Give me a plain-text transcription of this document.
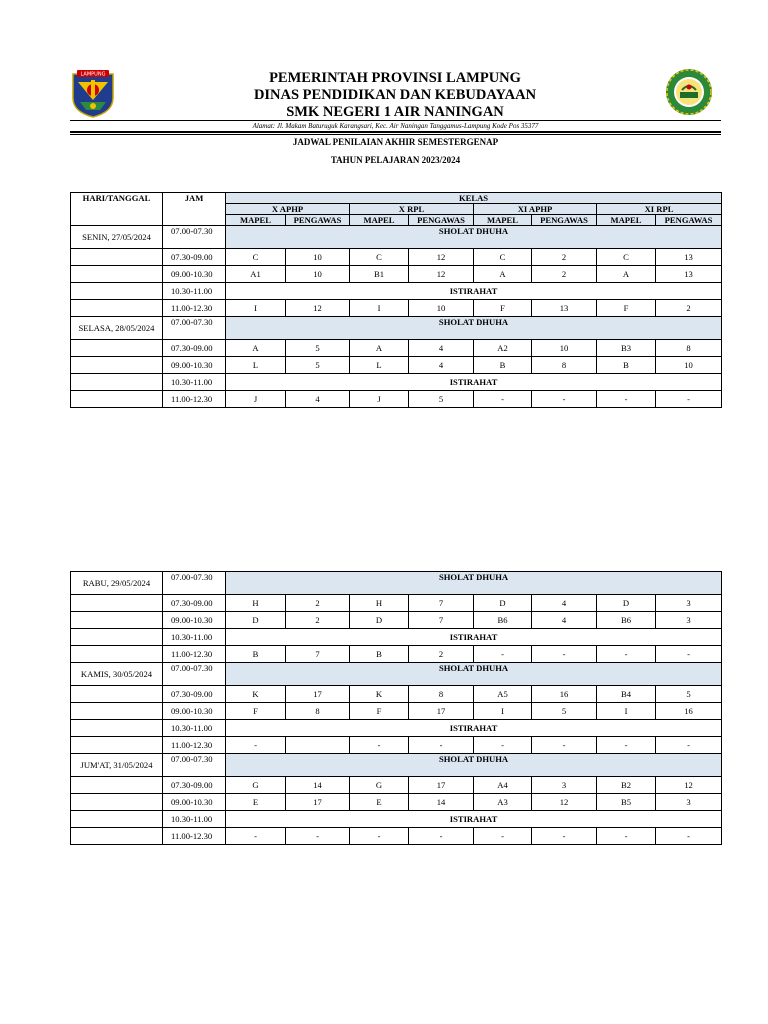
LAMPUNG	PEMERINTAH PROVINSI LAMPUNG
DINAS PENDIDIKAN DAN KEBUDAYAAN
SMK NEGERI 1 AIR NANINGAN
Alamat: Jl. Makam Baturuguk Karangsari, Kec. Air Naningan Tanggamus-Lampung Kode Pos 35377
JADWAL PENILAIAN AKHIR SEMESTERGENAP
TAHUN PELAJARAN 2023/2024
HARI/TANGGAL	JAM	KELAS							
		X APHP		X RPL		XI APHP		XI RPL	
		MAPEL	PENGAWAS	MAPEL	PENGAWAS	MAPEL	PENGAWAS	MAPEL	PENGAWAS
SENIN, 27/05/2024	07.00-07.30	SHOLAT DHUHA							
	07.30-09.00	C	10	C	12	C	2	C	13
	09.00-10.30	A1	10	B1	12	A	2	A	13
	10.30-11.00	ISTIRAHAT							
	11.00-12.30	I	12	I	10	F	13	F	2
SELASA, 28/05/2024	07.00-07.30	SHOLAT DHUHA							
	07.30-09.00	A	5	A	4	A2	10	B3	8
	09.00-10.30	L	5	L	4	B	8	B	10
	10.30-11.00	ISTIRAHAT							
	11.00-12.30	J	4	J	5	-	-	-	-
RABU, 29/05/2024	07.00-07.30	SHOLAT DHUHA							
	07.30-09.00	H	2	H	7	D	4	D	3
	09.00-10.30	D	2	D	7	B6	4	B6	3
	10.30-11.00	ISTIRAHAT							
	11.00-12.30	B	7	B	2	-	-	-	-
KAMIS, 30/05/2024	07.00-07.30	SHOLAT DHUHA							
	07.30-09.00	K	17	K	8	A5	16	B4	5
	09.00-10.30	F	8	F	17	I	5	I	16
	10.30-11.00	ISTIRAHAT							
	11.00-12.30	-		-	-	-	-	-	-
JUM'AT, 31/05/2024	07.00-07.30	SHOLAT DHUHA							
	07.30-09.00	G	14	G	17	A4	3	B2	12
	09.00-10.30	E	17	E	14	A3	12	B5	3
	10.30-11.00	ISTIRAHAT							
	11.00-12.30	-	-	-	-	-	-	-	-
